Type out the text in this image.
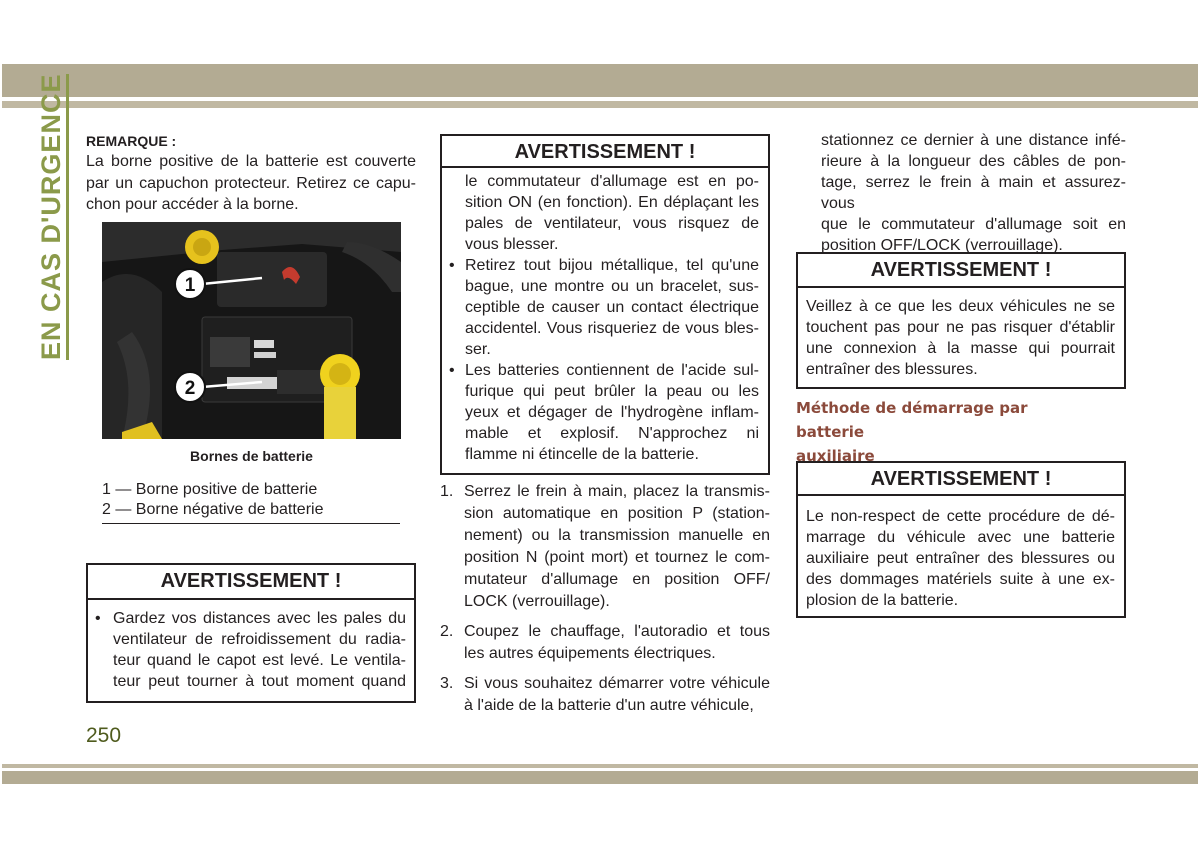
EN CAS D'URGENCE REMARQUE :
La borne positive de la batterie est couverte
par un capuchon protecteur. Retirez ce capu-
chon pour accéder à la borne.
1
2
Bornes de batterie
1 — Borne positive de batterie
2 — Borne négative de batterie
AVERTISSEMENT !
• Gardez vos distances avec les pales du
ventilateur de refroidissement du radia-
teur quand le capot est levé. Le ventila-
teur peut tourner à tout moment quand
AVERTISSEMENT !
le commutateur d'allumage est en po-
sition ON (en fonction). En déplaçant les
pales de ventilateur, vous risquez de
vous blesser.
• Retirez tout bijou métallique, tel qu'une
bague, une montre ou un bracelet, sus-
ceptible de causer un contact électrique
accidentel. Vous risqueriez de vous bles-
ser.
• Les batteries contiennent de l'acide sul-
furique qui peut brûler la peau ou les
yeux et dégager de l'hydrogène inflam-
mable et explosif. N'approchez ni
flamme ni étincelle de la batterie.
1. Serrez le frein à main, placez la transmis-
sion automatique en position P (station-
nement) ou la transmission manuelle en
position N (point mort) et tournez le com-
mutateur d'allumage en position OFF/
LOCK (verrouillage).
2. Coupez le chauffage, l'autoradio et tous
les autres équipements électriques.
3. Si vous souhaitez démarrer votre véhicule
à l'aide de la batterie d'un autre véhicule,
stationnez ce dernier à une distance infé-
rieure à la longueur des câbles de pon-
tage, serrez le frein à main et assurez-vous
que le commutateur d'allumage soit en
position OFF/LOCK (verrouillage).
AVERTISSEMENT !
Veillez à ce que les deux véhicules ne se
touchent pas pour ne pas risquer d'établir
une connexion à la masse qui pourrait
entraîner des blessures.
Méthode de démarrage par batterie
auxiliaire
AVERTISSEMENT !
Le non-respect de cette procédure de dé-
marrage du véhicule avec une batterie
auxiliaire peut entraîner des blessures ou
des dommages matériels suite à une ex-
plosion de la batterie.
250
